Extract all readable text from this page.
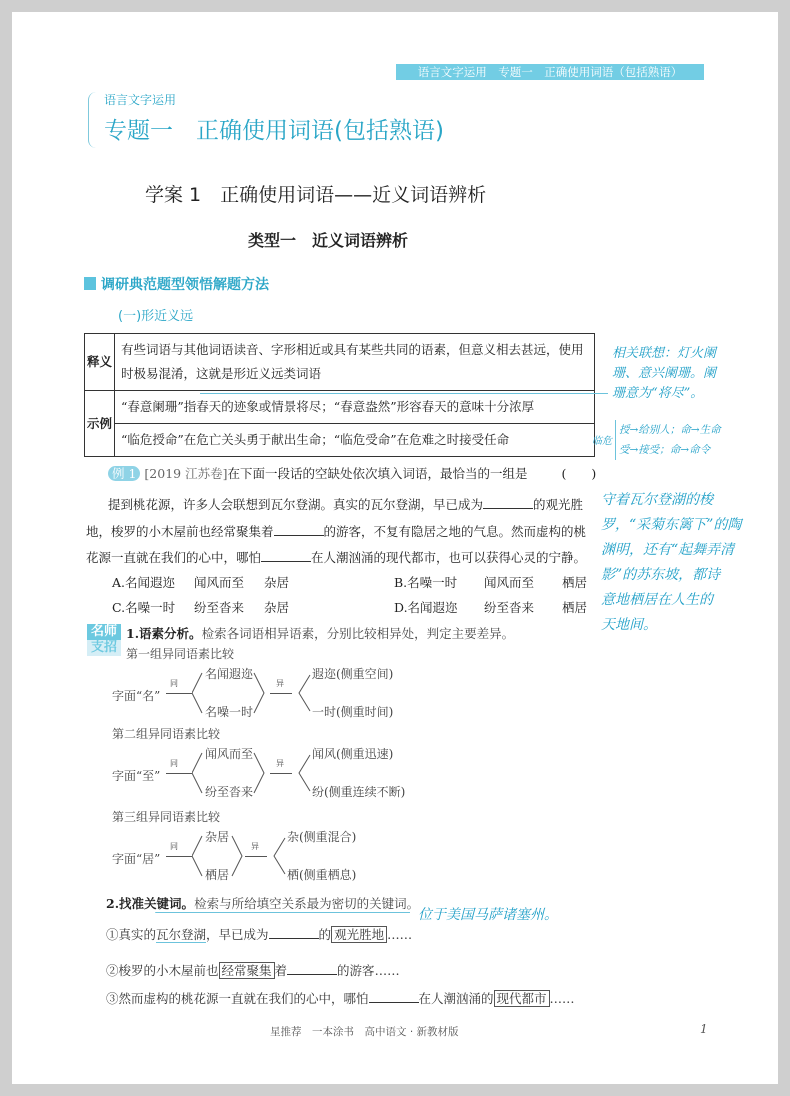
语言文字运用　专题一　正确使用词语（包括熟语）
语言文字运用
专题一　正确使用词语(包括熟语)
学案 1　正确使用词语——近义词语辨析
类型一　近义词语辨析
调研典范题型领悟解题方法
(一)形近义远
释义	有些词语与其他词语读音、字形相近或具有某些共同的语素，但意义相去甚远，使用
时极易混淆，这就是形近义远类词语

示例	“春意阑珊”指春天的迹象或情景将尽；“春意盎然”形容春天的意味十分浓厚
	“临危授命”在危亡关头勇于献出生命；“临危受命”在危难之时接受任命
相关联想：灯火阑
珊、意兴阑珊。阑
珊意为“将尽”。
临危
授→给别人；命→生命
受→接受；命→命令
守着瓦尔登湖的梭
罗，“采菊东篱下”的陶
渊明，还有“起舞弄清
影”的苏东坡，都诗
意地栖居在人生的
天地间。
例 1 [2019 江苏卷]在下面一段话的空缺处依次填入词语，最恰当的一组是	(　　)
提到桃花源，许多人会联想到瓦尔登湖。真实的瓦尔登湖，早已成为	的观光胜
地，梭罗的小木屋前也经常聚集着	的游客，不复有隐居之地的气息。然而虚构的桃
花源一直就在我们的心中，哪怕	在人潮汹涌的现代都市，也可以获得心灵的宁静。
A.名闻遐迩 闻风而至 杂居	B.名噪一时 闻风而至 栖居
C.名噪一时 纷至沓来 杂居	D.名闻遐迩 纷至沓来 栖居
名师
支招
1.语素分析。检索各词语相异语素，分别比较相异处，判定主要差异。
第一组异同语素比较
字面“名”
同
名闻遐迩
名噪一时
异
遐迩(侧重空间)
一时(侧重时间)
第二组异同语素比较
字面“至”
同
闻风而至
纷至沓来
异
闻风(侧重迅速)
纷(侧重连续不断)
第三组异同语素比较
字面“居”
同
杂居
栖居
异
杂(侧重混合)
栖(侧重栖息)
2.找准关键词。检索与所给填空关系最为密切的关键词。
位于美国马萨诸塞州。
①真实的瓦尔登湖，早已成为	的 观光胜地 ……
②梭罗的小木屋前也 经常聚集 着	的游客……
③然而虚构的桃花源一直就在我们的心中，哪怕	在人潮汹涌的 现代都市 ……
星推荐　一本涂书　高中语文 · 新教材版	1
